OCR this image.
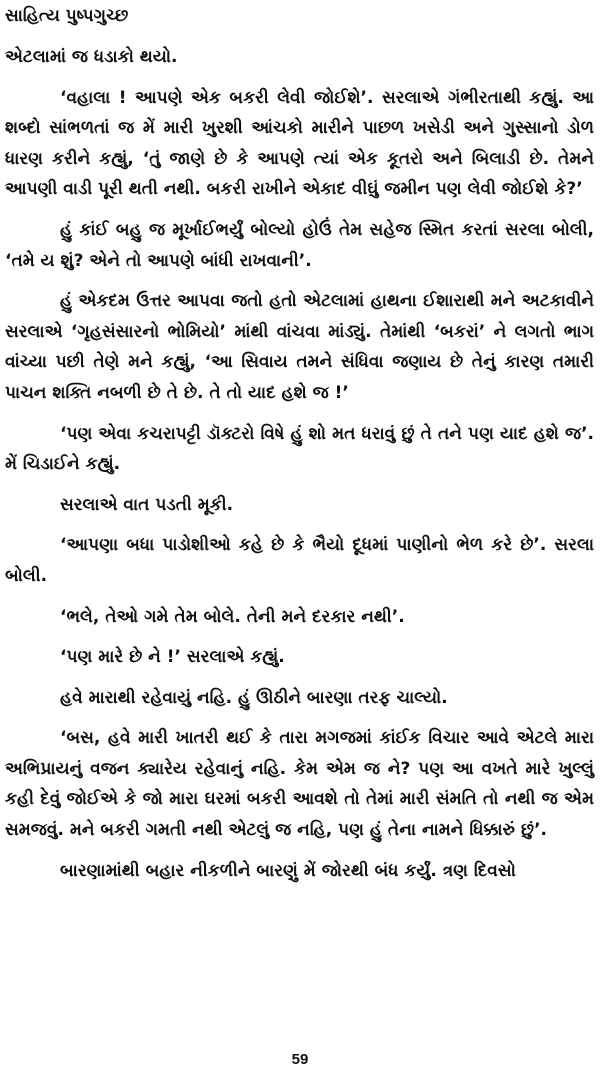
સાહિત્ય પુષ્પગુચ્છ

એટલામાં જ ધડાકો થયો.

‘વહાલા ! આપણે એક બકરી લેવી જોઈશે’. સરલાએ ગંભીરતાથી કહ્યું. આ શબ્દો સાંભળતાં જ મેં મારી ખુરશી આંચકો મારીને પાછળ ખસેડી અને ગુસ્સાનો ડોળ ધારણ કરીને કહ્યું, ‘તું જાણે છે કે આપણે ત્યાં એક કૂતરો અને બિલાડી છે. તેમને આપણી વાડી પૂરી થતી નથી. બકરી રાખીને એકાદ વીઘું જમીન પણ લેવી જોઈશે કે?’

હું કાંઈ બહુ જ મૂર્ખાઈભર્યું બોલ્યો હોઉં તેમ સહેજ સ્મિત કરતાં સરલા બોલી, ‘તમે ય શું? એને તો આપણે બાંધી રાખવાની’.

હું એકદમ ઉત્તર આપવા જતો હતો એટલામાં હાથના ઈશારાથી મને અટકાવીને સરલાએ ‘ગૃહસંસારનો ભોમિયો’ માંથી વાંચવા માંડ્યું. તેમાંથી ‘બકરાં’ ને લગતો ભાગ વાંચ્યા પછી તેણે મને કહ્યું, ‘આ સિવાય તમને સંધિવા જણાય છે તેનું કારણ તમારી પાચન શક્તિ નબળી છે તે છે. તે તો યાદ હશે જ !’

‘પણ એવા કચરાપટ્ટી ડૉક્ટરો વિષે હું શો મત ધરાવું છું તે તને પણ યાદ હશે જ’. મેં ચિડાઈને કહ્યું.

સરલાએ વાત પડતી મૂકી.

‘આપણા બધા પાડોશીઓ કહે છે કે ભૈયો દૂધમાં પાણીનો ભેળ કરે છે’. સરલા બોલી.

‘ભલે, તેઓ ગમે તેમ બોલે. તેની મને દરકાર નથી’.

‘પણ મારે છે ને !’ સરલાએ કહ્યું.

હવે મારાથી રહેવાયું નહિ. હું ઊઠીને બારણા તરફ ચાલ્યો.

‘બસ, હવે મારી ખાતરી થઈ કે તારા મગજમાં કાંઈક વિચાર આવે એટલે મારા અભિપ્રાયનું વજન ક્યારેય રહેવાનું નહિ. કેમ એમ જ ને? પણ આ વખતે મારે ખુલ્લું કહી દેવું જોઈએ કે જો મારા ઘરમાં બકરી આવશે તો તેમાં મારી સંમતિ તો નથી જ એમ સમજવું. મને બકરી ગમતી નથી એટલું જ નહિ, પણ હું તેના નામને ધિક્કારું છું’.

બારણામાંથી બહાર નીકળીને બારણું મેં જોરથી બંધ કર્યું. ત્રણ દિવસો

59
